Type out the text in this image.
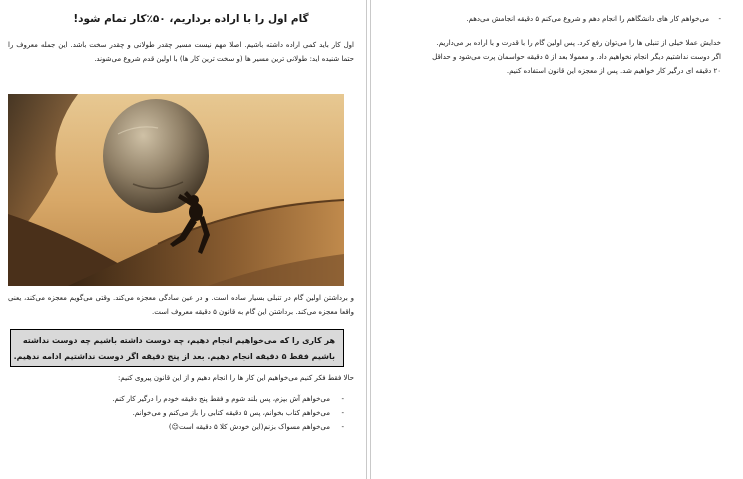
گام اول را با اراده برداریم، ۵۰٪کار تمام شود!

اول کار باید کمی اراده داشته باشیم. اصلا مهم نیست مسیر چقدر طولانی و چقدر سخت باشد. این جمله معروف را حتما شنیده اید: طولانی ترین مسیر ها (و سخت ترین کار ها) با اولین قدم شروع می‌شوند.

و برداشتن اولین گام در تنبلی بسیار ساده است. و در عین سادگی معجزه می‌کند. وقتی می‌گویم معجزه می‌کند، یعنی واقعا معجزه می‌کند. برداشتن این گام به قانون ۵ دقیقه معروف است.

هر کاری را که می‌خواهیم انجام دهیم، چه دوست داشته باشیم چه دوست نداشته
باشیم فقط ۵ دقیقه انجام دهیم. بعد از پنج دقیقه اگر دوست نداشتیم ادامه ندهیم.

حالا فقط فکر کنیم می‌خواهیم این کار ها را انجام دهیم و از این قانون پیروی کنیم:

-
می‌خواهم آش بپزم، پس بلند شوم و فقط پنج دقیقه خودم را درگیر کار کنم.
-
می‌خواهم کتاب بخوانم، پس ۵ دقیقه کتابی را باز می‌کنم و می‌خوانم.
-
می‌خواهم مسواک بزنم(این خودش کلا ۵ دقیقه است☺)
-
می‌خواهم کار های دانشگاهم را انجام دهم و شروع می‌کنم ۵ دقیقه انجامش می‌دهم.

خدایش عملا خیلی از تنبلی ها را می‌توان رفع کرد. پس اولین گام را با قدرت و با اراده بر می‌داریم.
اگر دوست نداشتیم دیگر انجام نخواهیم داد. و معمولا بعد از ۵ دقیقه حواسمان پرت می‌شود و حداقل
۲۰ دقیقه ای درگیر کار خواهیم شد. پس از معجزه این قانون استفاده کنیم.
